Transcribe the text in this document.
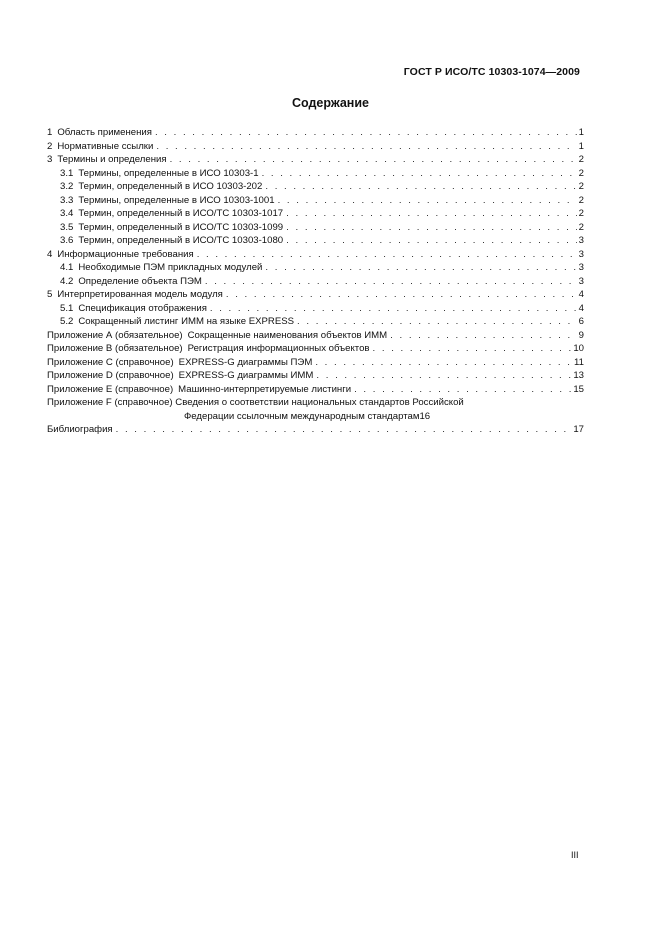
ГОСТ Р ИСО/ТС 10303-1074—2009
Содержание
1 Область применения . . .	1
2 Нормативные ссылки . . .	1
3 Термины и определения . . .	2
3.1 Термины, определенные в ИСО 10303-1 . . .	2
3.2 Термин, определенный в ИСО 10303-202 . . .	2
3.3 Термины, определенные в ИСО 10303-1001 . . .	2
3.4 Термин, определенный в ИСО/ТС 10303-1017 . . .	2
3.5 Термин, определенный в ИСО/ТС 10303-1099 . . .	2
3.6 Термин, определенный в ИСО/ТС 10303-1080 . . .	3
4 Информационные требования . . .	3
4.1 Необходимые ПЭМ прикладных модулей . . .	3
4.2 Определение объекта ПЭМ . . .	3
5 Интерпретированная модель модуля . . .	4
5.1 Спецификация отображения . . .	4
5.2 Сокращенный листинг ИММ на языке EXPRESS . . .	6
Приложение А (обязательное) Сокращенные наименования объектов ИММ . . .	9
Приложение В (обязательное) Регистрация информационных объектов . . .	10
Приложение С (справочное) EXPRESS-G диаграммы ПЭМ . . .	11
Приложение D (справочное) EXPRESS-G диаграммы ИММ . . .	13
Приложение Е (справочное) Машинно-интерпретируемые листинги . . .	15
Приложение F (справочное) Сведения о соответствии национальных стандартов Российской
Федерации ссылочным международным стандартам 16
Библиография . . .	17
III
